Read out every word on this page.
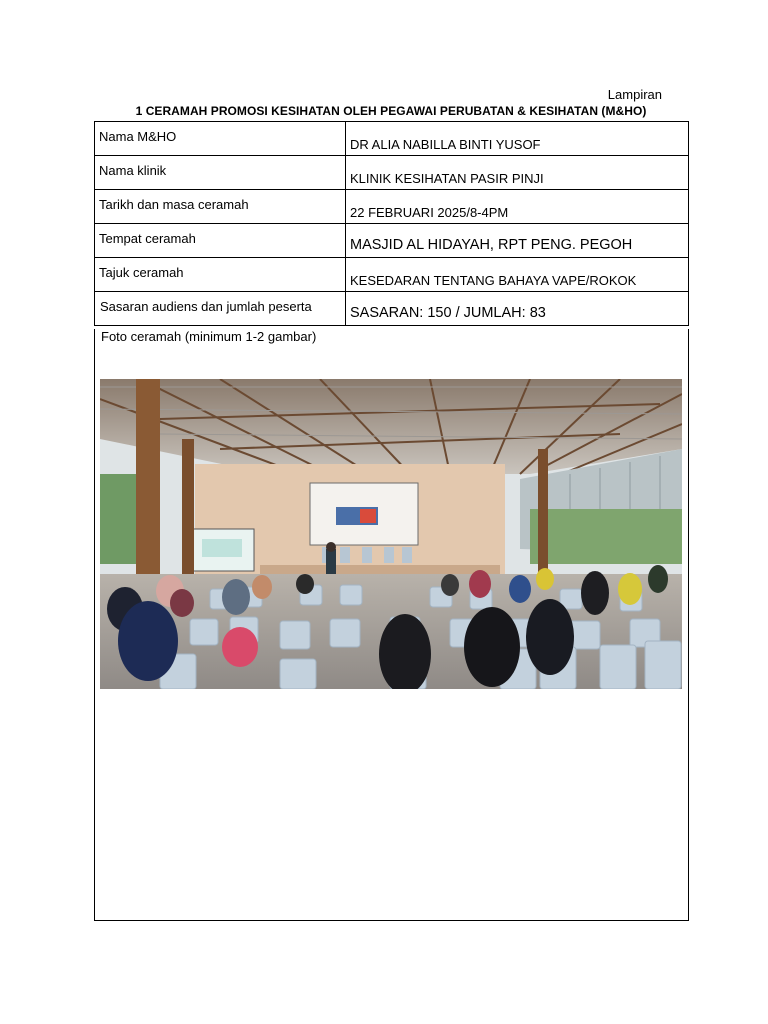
Lampiran
1 CERAMAH PROMOSI KESIHATAN OLEH PEGAWAI PERUBATAN & KESIHATAN (M&HO)
Nama M&HO	DR ALIA NABILLA BINTI YUSOF

Nama klinik	KLINIK KESIHATAN PASIR PINJI

Tarikh dan masa ceramah	22 FEBRUARI 2025/8-4PM

Tempat ceramah	MASJID AL HIDAYAH, RPT PENG. PEGOH

Tajuk ceramah	KESEDARAN TENTANG BAHAYA VAPE/ROKOK

Sasaran audiens dan jumlah peserta	SASARAN: 150 / JUMLAH: 83
Foto ceramah (minimum 1-2 gambar)
